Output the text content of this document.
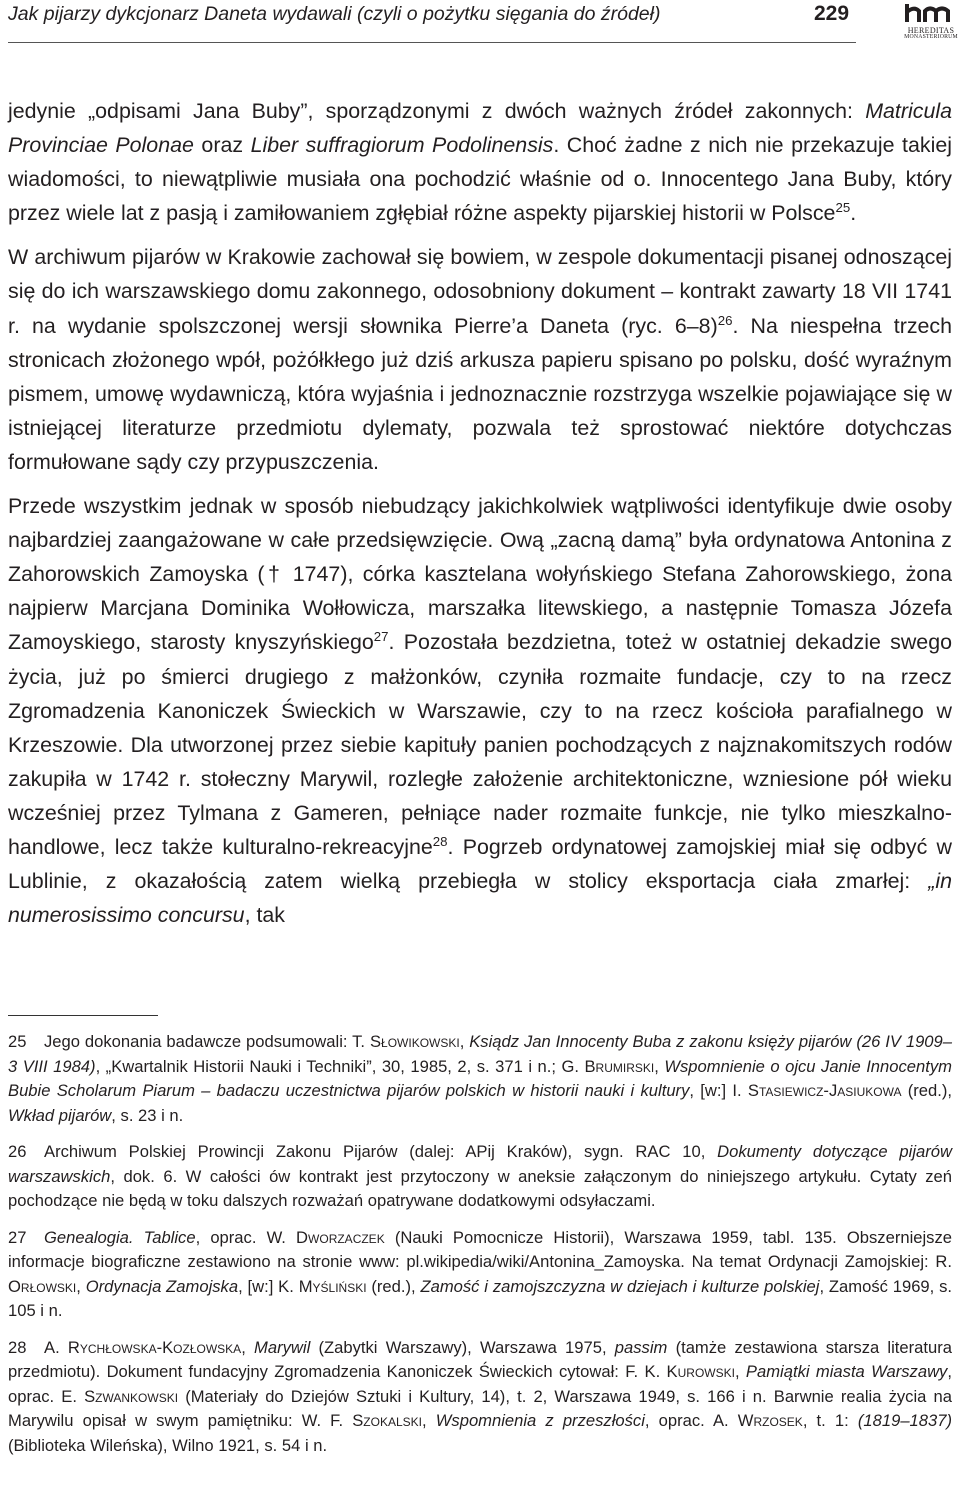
Jak pijarzy dykcjonarz Daneta wydawali (czyli o pożytku sięgania do źródeł)	229
HEREDITAS
MONASTERIORUM

jedynie „odpisami Jana Buby”, sporządzonymi z dwóch ważnych źródeł zakonnych: Matricula Provinciae Polonae oraz Liber suffragiorum Podolinensis. Choć żadne z nich nie przekazuje takiej wiadomości, to niewątpliwie musiała ona pochodzić właśnie od o. Innocentego Jana Buby, który przez wiele lat z pasją i zamiłowaniem zgłębiał różne aspekty pijarskiej historii w Polsce$^{25}$.

W archiwum pijarów w Krakowie zachował się bowiem, w zespole dokumentacji pisanej odnoszącej się do ich warszawskiego domu zakonnego, odosobniony dokument – kontrakt zawarty 18 VII 1741 r. na wydanie spolszczonej wersji słownika Pierre’a Daneta (ryc. 6–8)$^{26}$. Na niespełna trzech stronicach złożonego wpół, pożółkłego już dziś arkusza papieru spisano po polsku, dość wyraźnym pismem, umowę wydawniczą, która wyjaśnia i jednoznacznie rozstrzyga wszelkie pojawiające się w istniejącej literaturze przedmiotu dylematy, pozwala też sprostować niektóre dotychczas formułowane sądy czy przypuszczenia.

Przede wszystkim jednak w sposób niebudzący jakichkolwiek wątpliwości identyfikuje dwie osoby najbardziej zaangażowane w całe przedsięwzięcie. Ową „zacną damą” była ordynatowa Antonina z Zahorowskich Zamoyska († 1747), córka kasztelana wołyńskiego Stefana Zahorowskiego, żona najpierw Marcjana Dominika Wołłowicza, marszałka litewskiego, a następnie Tomasza Józefa Zamoyskiego, starosty knyszyńskiego$^{27}$. Pozostała bezdzietna, toteż w ostatniej dekadzie swego życia, już po śmierci drugiego z małżonków, czyniła rozmaite fundacje, czy to na rzecz Zgromadzenia Kanoniczek Świeckich w Warszawie, czy to na rzecz kościoła parafialnego w Krzeszowie. Dla utworzonej przez siebie kapituły panien pochodzących z najznakomitszych rodów zakupiła w 1742 r. stołeczny Marywil, rozległe założenie architektoniczne, wzniesione pół wieku wcześniej przez Tylmana z Gameren, pełniące nader rozmaite funkcje, nie tylko mieszkalno-handlowe, lecz także kulturalno-rekreacyjne$^{28}$. Pogrzeb ordynatowej zamojskiej miał się odbyć w Lublinie, z okazałością zatem wielką przebiegła w stolicy eksportacja ciała zmarłej: „in numerosissimo concursu, tak

25 Jego dokonania badawcze podsumowali: T. Słowikowski, Ksiądz Jan Innocenty Buba z zakonu księży pijarów (26 IV 1909–3 VIII 1984), „Kwartalnik Historii Nauki i Techniki”, 30, 1985, 2, s. 371 i n.; G. Brumirski, Wspomnienie o ojcu Janie Innocentym Bubie Scholarum Piarum – badaczu uczestnictwa pijarów polskich w historii nauki i kultury, [w:] I. Stasiewicz-Jasiukowa (red.), Wkład pijarów, s. 23 i n.
26 Archiwum Polskiej Prowincji Zakonu Pijarów (dalej: APij Kraków), sygn. RAC 10, Dokumenty dotyczące pijarów warszawskich, dok. 6. W całości ów kontrakt jest przytoczony w aneksie załączonym do niniejszego artykułu. Cytaty zeń pochodzące nie będą w toku dalszych rozważań opatrywane dodatkowymi odsyłaczami.
27 Genealogia. Tablice, oprac. W. Dworzaczek (Nauki Pomocnicze Historii), Warszawa 1959, tabl. 135. Obszerniejsze informacje biograficzne zestawiono na stronie www: pl.wikipedia/wiki/Antonina_Zamoyska. Na temat Ordynacji Zamojskiej: R. Orłowski, Ordynacja Zamojska, [w:] K. Myśliński (red.), Zamość i zamojszczyzna w dziejach i kulturze polskiej, Zamość 1969, s. 105 i n.
28 A. Rychłowska-Kozłowska, Marywil (Zabytki Warszawy), Warszawa 1975, passim (tamże zestawiona starsza literatura przedmiotu). Dokument fundacyjny Zgromadzenia Kanoniczek Świeckich cytował: F. K. Kurowski, Pamiątki miasta Warszawy, oprac. E. Szwankowski (Materiały do Dziejów Sztuki i Kultury, 14), t. 2, Warszawa 1949, s. 166 i n. Barwnie realia życia na Marywilu opisał w swym pamiętniku: W. F. Szokalski, Wspomnienia z przeszłości, oprac. A. Wrzosek, t. 1: (1819–1837) (Biblioteka Wileńska), Wilno 1921, s. 54 i n.
